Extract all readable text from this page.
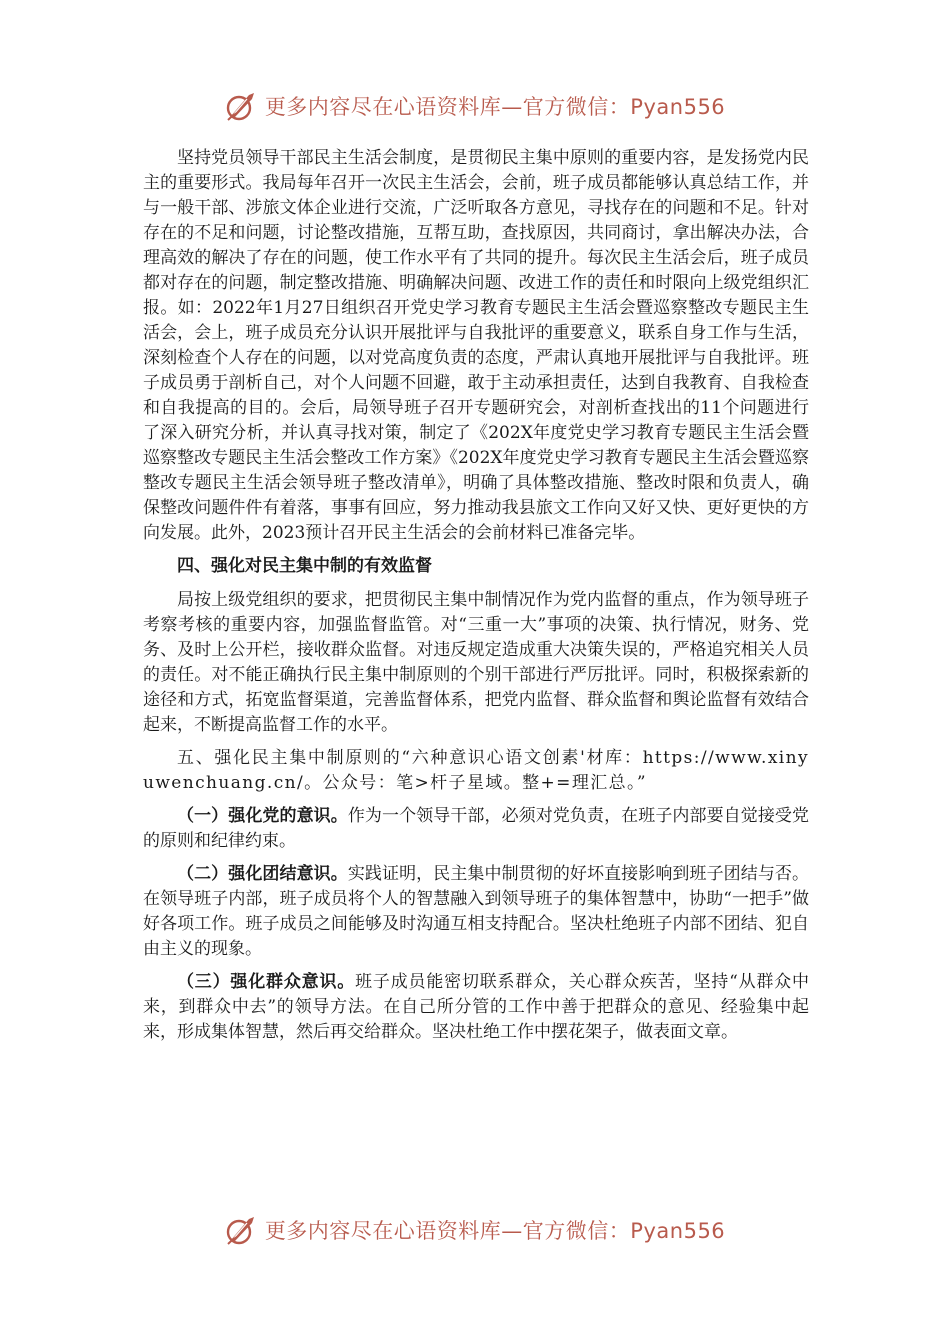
更多内容尽在心语资料库—官方微信：Pyan556

坚持党员领导干部民主生活会制度，是贯彻民主集中原则的重要内容，是发扬党内民主的重要形式。我局每年召开一次民主生活会，会前，班子成员都能够认真总结工作，并与一般干部、涉旅文体企业进行交流，广泛听取各方意见，寻找存在的问题和不足。针对存在的不足和问题，讨论整改措施，互帮互助，查找原因，共同商讨，拿出解决办法，合理高效的解决了存在的问题，使工作水平有了共同的提升。每次民主生活会后，班子成员都对存在的问题，制定整改措施、明确解决问题、改进工作的责任和时限向上级党组织汇报。如：2022年1月27日组织召开党史学习教育专题民主生活会暨巡察整改专题民主生活会，会上，班子成员充分认识开展批评与自我批评的重要意义，联系自身工作与生活，深刻检查个人存在的问题，以对党高度负责的态度，严肃认真地开展批评与自我批评。班子成员勇于剖析自己，对个人问题不回避，敢于主动承担责任，达到自我教育、自我检查和自我提高的目的。会后，局领导班子召开专题研究会，对剖析查找出的11个问题进行了深入研究分析，并认真寻找对策，制定了《202X年度党史学习教育专题民主生活会暨巡察整改专题民主生活会整改工作方案》《202X年度党史学习教育专题民主生活会暨巡察整改专题民主生活会领导班子整改清单》，明确了具体整改措施、整改时限和负责人，确保整改问题件件有着落，事事有回应，努力推动我县旅文工作向又好又快、更好更快的方向发展。此外，2023预计召开民主生活会的会前材料已准备完毕。

四、强化对民主集中制的有效监督

局按上级党组织的要求，把贯彻民主集中制情况作为党内监督的重点，作为领导班子考察考核的重要内容，加强监督监管。对“三重一大”事项的决策、执行情况，财务、党务、及时上公开栏，接收群众监督。对违反规定造成重大决策失误的，严格追究相关人员的责任。对不能正确执行民主集中制原则的个别干部进行严厉批评。同时，积极探索新的途径和方式，拓宽监督渠道，完善监督体系，把党内监督、群众监督和舆论监督有效结合起来，不断提高监督工作的水平。

五、强化民主集中制原则的“六种意识心语文创素'材库：https://www.xinyuwenchuang.cn/。公众号：笔>杆子星域。整+=理汇总。”

（一）强化党的意识。作为一个领导干部，必须对党负责，在班子内部要自觉接受党的原则和纪律约束。

（二）强化团结意识。实践证明，民主集中制贯彻的好坏直接影响到班子团结与否。在领导班子内部，班子成员将个人的智慧融入到领导班子的集体智慧中，协助“一把手”做好各项工作。班子成员之间能够及时沟通互相支持配合。坚决杜绝班子内部不团结、犯自由主义的现象。

（三）强化群众意识。班子成员能密切联系群众，关心群众疾苦，坚持“从群众中来，到群众中去”的领导方法。在自己所分管的工作中善于把群众的意见、经验集中起来，形成集体智慧，然后再交给群众。坚决杜绝工作中摆花架子，做表面文章。

更多内容尽在心语资料库—官方微信：Pyan556
